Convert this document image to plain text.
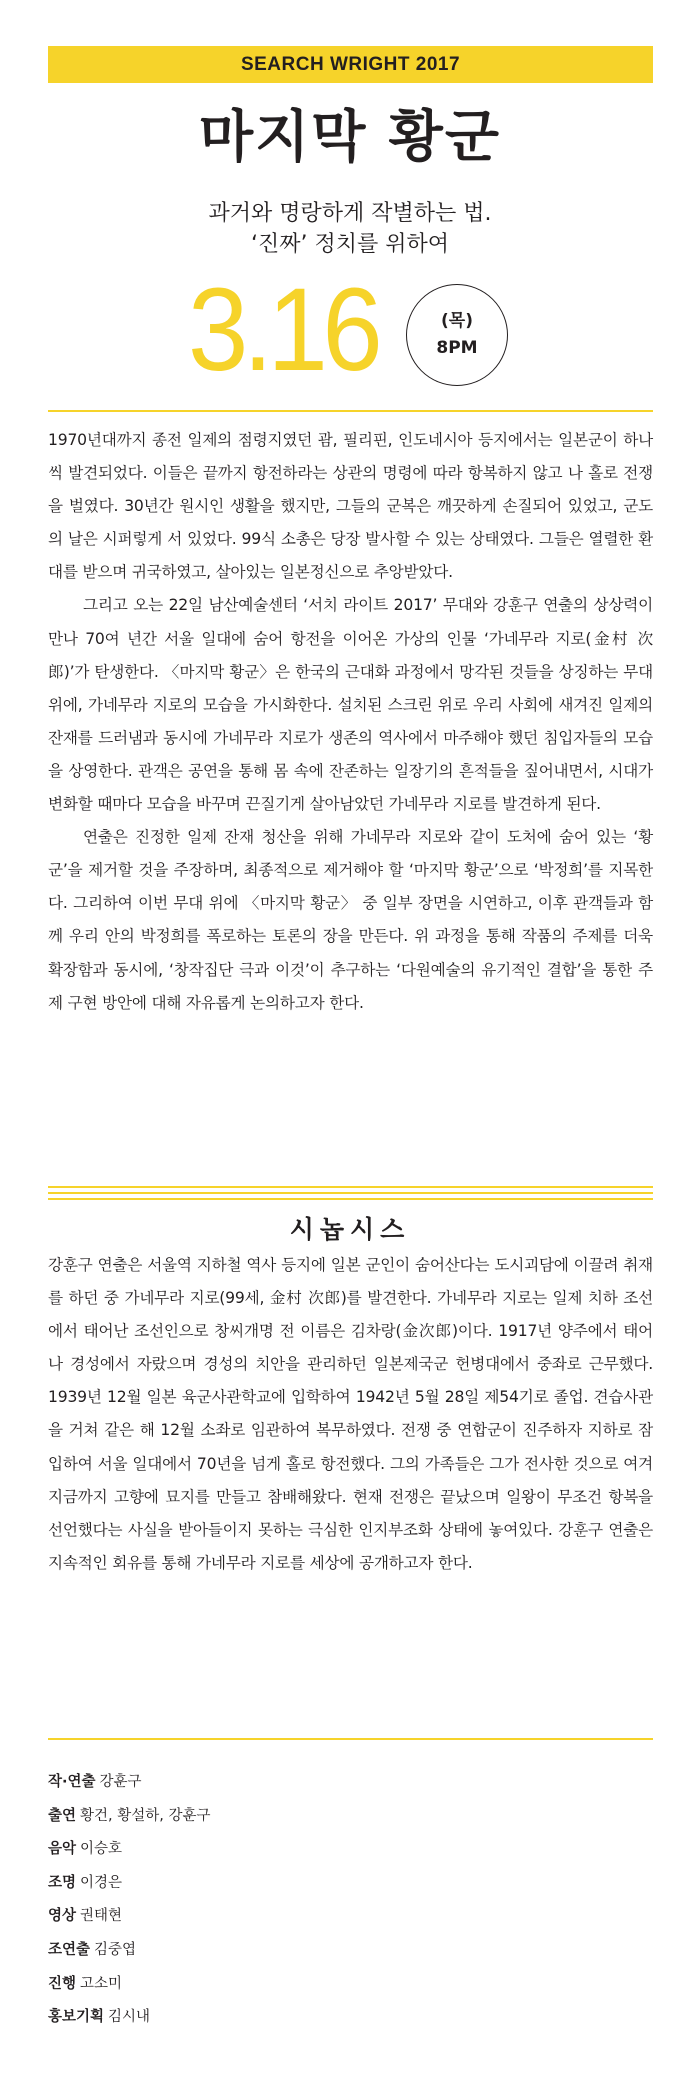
SEARCH WRIGHT 2017
마지막 황군
과거와 명랑하게 작별하는 법.
‘진짜’ 정치를 위하여
3.16	(목)
8PM

1970년대까지 종전 일제의 점령지였던 괌, 필리핀, 인도네시아 등지에서는 일본군이 하나씩 발견되었다. 이들은 끝까지 항전하라는 상관의 명령에 따라 항복하지 않고 나 홀로 전쟁을 벌였다. 30년간 원시인 생활을 했지만, 그들의 군복은 깨끗하게 손질되어 있었고, 군도의 날은 시퍼렇게 서 있었다. 99식 소총은 당장 발사할 수 있는 상태였다. 그들은 열렬한 환대를 받으며 귀국하였고, 살아있는 일본정신으로 추앙받았다.

그리고 오는 22일 남산예술센터 ‘서치 라이트 2017’ 무대와 강훈구 연출의 상상력이 만나 70여 년간 서울 일대에 숨어 항전을 이어온 가상의 인물 ‘가네무라 지로(金村 次郎)’가 탄생한다. 〈마지막 황군〉은 한국의 근대화 과정에서 망각된 것들을 상징하는 무대 위에, 가네무라 지로의 모습을 가시화한다. 설치된 스크린 위로 우리 사회에 새겨진 일제의 잔재를 드러냄과 동시에 가네무라 지로가 생존의 역사에서 마주해야 했던 침입자들의 모습을 상영한다. 관객은 공연을 통해 몸 속에 잔존하는 일장기의 흔적들을 짚어내면서, 시대가 변화할 때마다 모습을 바꾸며 끈질기게 살아남았던 가네무라 지로를 발견하게 된다.

연출은 진정한 일제 잔재 청산을 위해 가네무라 지로와 같이 도처에 숨어 있는 ‘황군’을 제거할 것을 주장하며, 최종적으로 제거해야 할 ‘마지막 황군’으로 ‘박정희’를 지목한다. 그리하여 이번 무대 위에 〈마지막 황군〉 중 일부 장면을 시연하고, 이후 관객들과 함께 우리 안의 박정희를 폭로하는 토론의 장을 만든다. 위 과정을 통해 작품의 주제를 더욱 확장함과 동시에, ‘창작집단 극과 이것’이 추구하는 ‘다원예술의 유기적인 결합’을 통한 주제 구현 방안에 대해 자유롭게 논의하고자 한다.

시놉시스

강훈구 연출은 서울역 지하철 역사 등지에 일본 군인이 숨어산다는 도시괴담에 이끌려 취재를 하던 중 가네무라 지로(99세, 金村 次郎)를 발견한다. 가네무라 지로는 일제 치하 조선에서 태어난 조선인으로 창씨개명 전 이름은 김차랑(金次郎)이다. 1917년 양주에서 태어나 경성에서 자랐으며 경성의 치안을 관리하던 일본제국군 헌병대에서 중좌로 근무했다. 1939년 12월 일본 육군사관학교에 입학하여 1942년 5월 28일 제54기로 졸업. 견습사관을 거쳐 같은 해 12월 소좌로 임관하여 복무하였다. 전쟁 중 연합군이 진주하자 지하로 잠입하여 서울 일대에서 70년을 넘게 홀로 항전했다. 그의 가족들은 그가 전사한 것으로 여겨 지금까지 고향에 묘지를 만들고 참배해왔다. 현재 전쟁은 끝났으며 일왕이 무조건 항복을 선언했다는 사실을 받아들이지 못하는 극심한 인지부조화 상태에 놓여있다. 강훈구 연출은 지속적인 회유를 통해 가네무라 지로를 세상에 공개하고자 한다.

작·연출 강훈구
출연 황건, 황설하, 강훈구
음악 이승호
조명 이경은
영상 권태현
조연출 김중엽
진행 고소미
홍보기획 김시내
